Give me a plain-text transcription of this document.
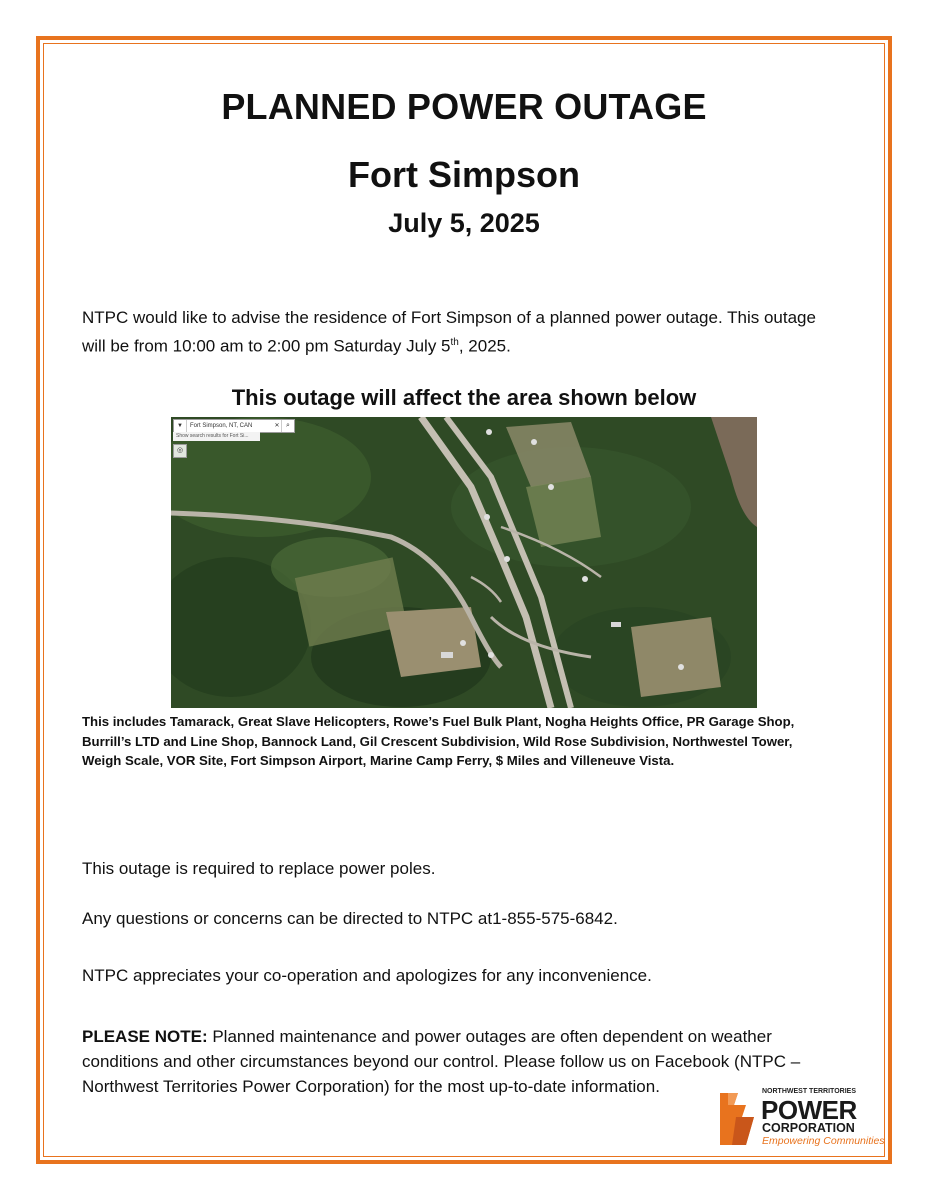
PLANNED POWER OUTAGE
Fort Simpson
July 5, 2025
NTPC would like to advise the residence of Fort Simpson of a planned power outage. This outage will be from 10:00 am to 2:00 pm Saturday July 5th, 2025.
This outage will affect the area shown below
▼	Fort Simpson, NT, CAN	✕ ⌕
Show search results for Fort Si...
◎
This includes Tamarack, Great Slave Helicopters, Rowe’s Fuel Bulk Plant, Nogha Heights Office, PR Garage Shop, Burrill’s LTD and Line Shop, Bannock Land, Gil Crescent Subdivision, Wild Rose Subdivision, Northwestel Tower, Weigh Scale, VOR Site, Fort Simpson Airport, Marine Camp Ferry, $ Miles and Villeneuve Vista.
This outage is required to replace power poles.
Any questions or concerns can be directed to NTPC at1-855-575-6842.
NTPC appreciates your co-operation and apologizes for any inconvenience.
PLEASE NOTE: Planned maintenance and power outages are often dependent on weather conditions and other circumstances beyond our control. Please follow us on Facebook (NTPC – Northwest Territories Power Corporation) for the most up-to-date information.	NORTHWEST TERRITORIES
POWER
CORPORATION
Empowering Communities
